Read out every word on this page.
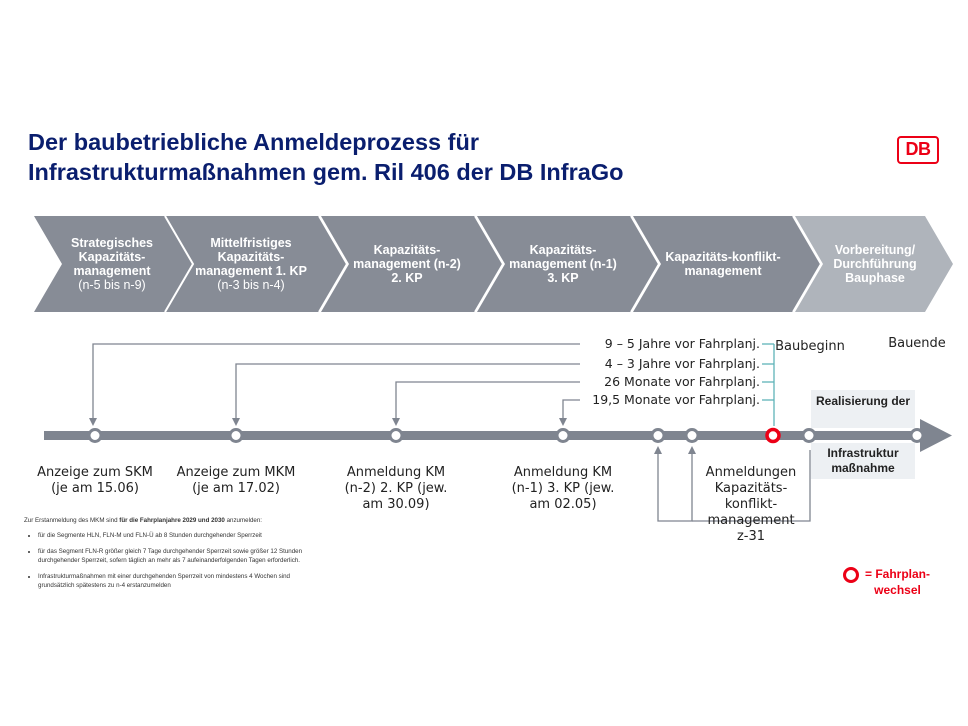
Der baubetriebliche Anmeldeprozess für
Infrastrukturmaßnahmen gem. Ril 406 der DB InfraGo
DB
Strategisches Kapazitäts-management
(n-5 bis n-9)
Mittelfristiges Kapazitäts-management 1. KP
(n-3 bis n-4)
Kapazitäts-management (n-2) 2. KP
Kapazitäts-management (n-1) 3. KP
Kapazitäts-konflikt-management
Vorbereitung/ Durchführung Bauphase
9 – 5 Jahre vor Fahrplanj.
4 – 3 Jahre vor Fahrplanj.
26 Monate vor Fahrplanj.
19,5 Monate vor Fahrplanj.
Baubeginn	Bauende
Realisierung der
Infrastruktur maßnahme
Anzeige zum SKM (je am 15.06)
Anzeige zum MKM (je am 17.02)
Anmeldung KM (n-2) 2. KP (jew. am 30.09)
Anmeldung KM (n-1) 3. KP (jew. am 02.05)
Anmeldungen Kapazitäts-konflikt-management z-31
Zur Erstanmeldung des MKM sind für die Fahrplanjahre 2029 und 2030 anzumelden:
• für die Segmente HLN, FLN-M und FLN-Ü ab 8 Stunden durchgehender Sperrzeit
• für das Segment FLN-R größer gleich 7 Tage durchgehender Sperrzeit sowie größer 12 Stunden durchgehender Sperrzeit, sofern täglich an mehr als 7 aufeinanderfolgenden Tagen erforderlich.
• Infrastrukturmaßnahmen mit einer durchgehenden Sperrzeit von mindestens 4 Wochen sind grundsätzlich spätestens zu n-4 erstanzumelden
= Fahrplan-
wechsel
